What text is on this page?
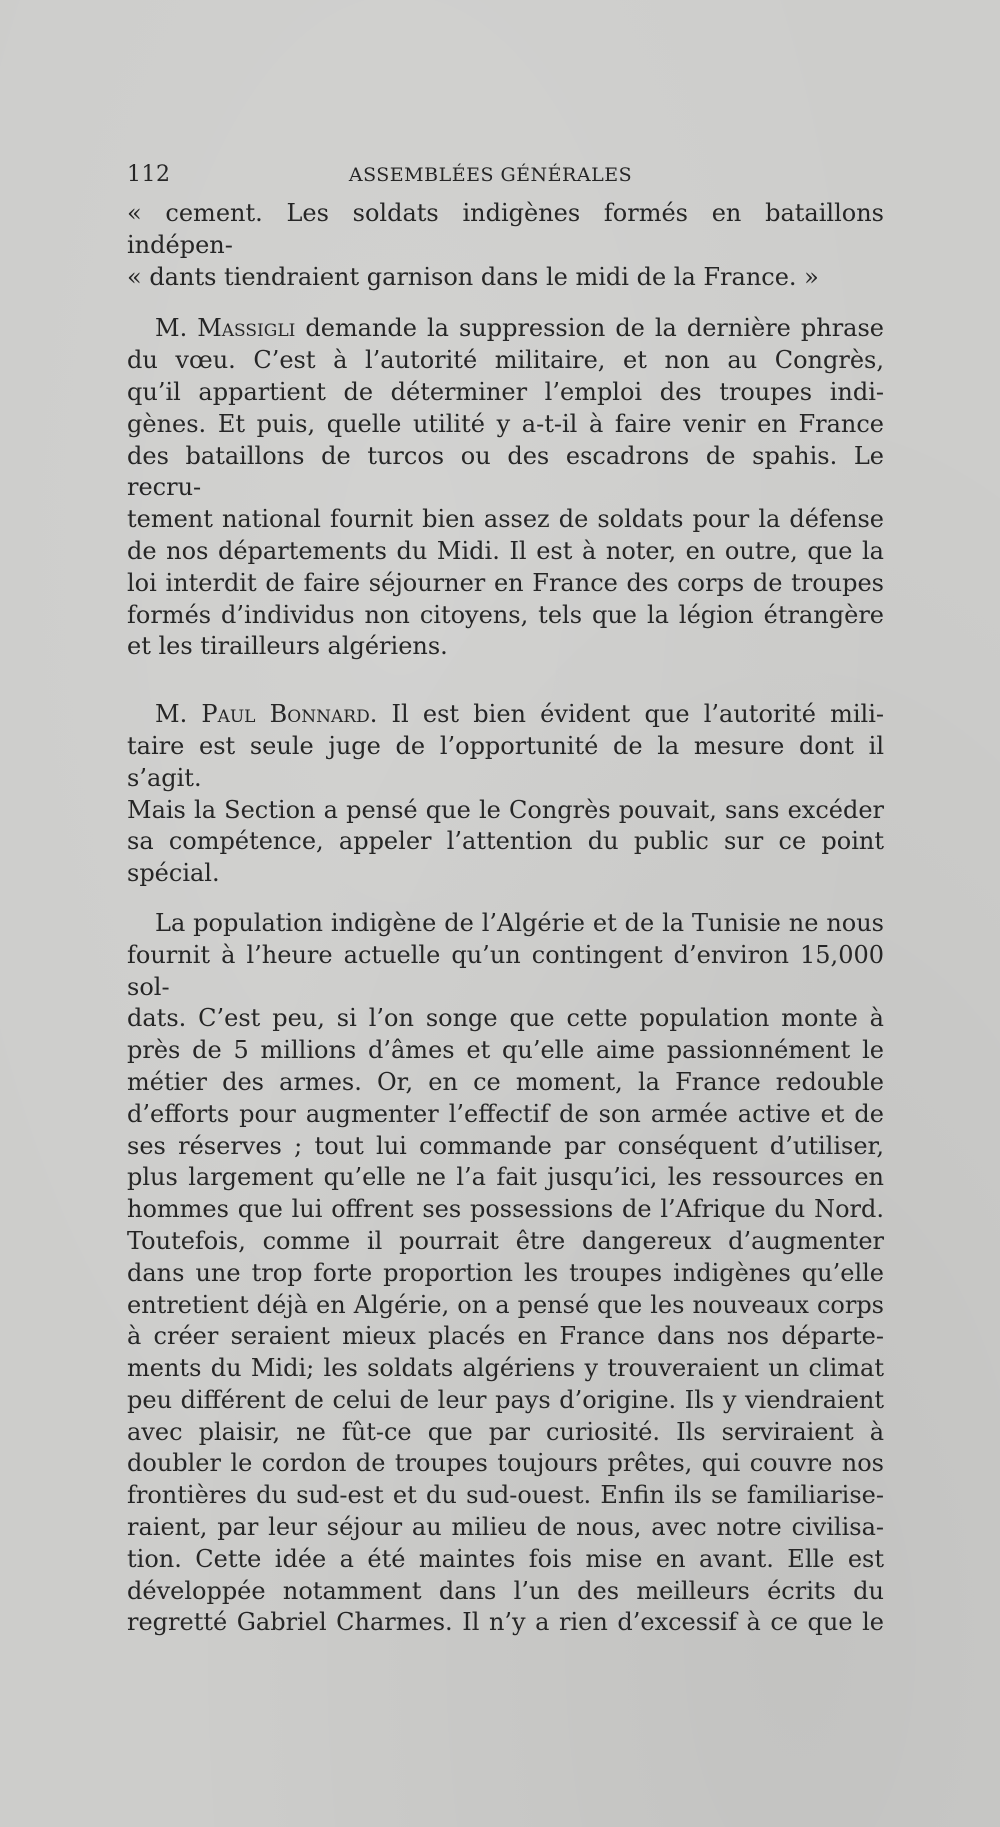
112	ASSEMBLÉES GÉNÉRALES

« cement. Les soldats indigènes formés en bataillons indépen-
« dants tiendraient garnison dans le midi de la France. »

M. Massigli demande la suppression de la dernière phrase
du vœu. C’est à l’autorité militaire, et non au Congrès,
qu’il appartient de déterminer l’emploi des troupes indi-
gènes. Et puis, quelle utilité y a-t-il à faire venir en France
des bataillons de turcos ou des escadrons de spahis. Le recru-
tement national fournit bien assez de soldats pour la défense
de nos départements du Midi. Il est à noter, en outre, que la
loi interdit de faire séjourner en France des corps de troupes
formés d’individus non citoyens, tels que la légion étrangère
et les tirailleurs algériens.

M. Paul Bonnard. Il est bien évident que l’autorité mili-
taire est seule juge de l’opportunité de la mesure dont il s’agit.
Mais la Section a pensé que le Congrès pouvait, sans excéder
sa compétence, appeler l’attention du public sur ce point
spécial.

La population indigène de l’Algérie et de la Tunisie ne nous
fournit à l’heure actuelle qu’un contingent d’environ 15,000 sol-
dats. C’est peu, si l’on songe que cette population monte à
près de 5 millions d’âmes et qu’elle aime passionnément le
métier des armes. Or, en ce moment, la France redouble
d’efforts pour augmenter l’effectif de son armée active et de
ses réserves ; tout lui commande par conséquent d’utiliser,
plus largement qu’elle ne l’a fait jusqu’ici, les ressources en
hommes que lui offrent ses possessions de l’Afrique du Nord.
Toutefois, comme il pourrait être dangereux d’augmenter
dans une trop forte proportion les troupes indigènes qu’elle
entretient déjà en Algérie, on a pensé que les nouveaux corps
à créer seraient mieux placés en France dans nos départe-
ments du Midi; les soldats algériens y trouveraient un climat
peu différent de celui de leur pays d’origine. Ils y viendraient
avec plaisir, ne fût-ce que par curiosité. Ils serviraient à
doubler le cordon de troupes toujours prêtes, qui couvre nos
frontières du sud-est et du sud-ouest. Enfin ils se familiarise-
raient, par leur séjour au milieu de nous, avec notre civilisa-
tion. Cette idée a été maintes fois mise en avant. Elle est
développée notamment dans l’un des meilleurs écrits du
regretté Gabriel Charmes. Il n’y a rien d’excessif à ce que le
